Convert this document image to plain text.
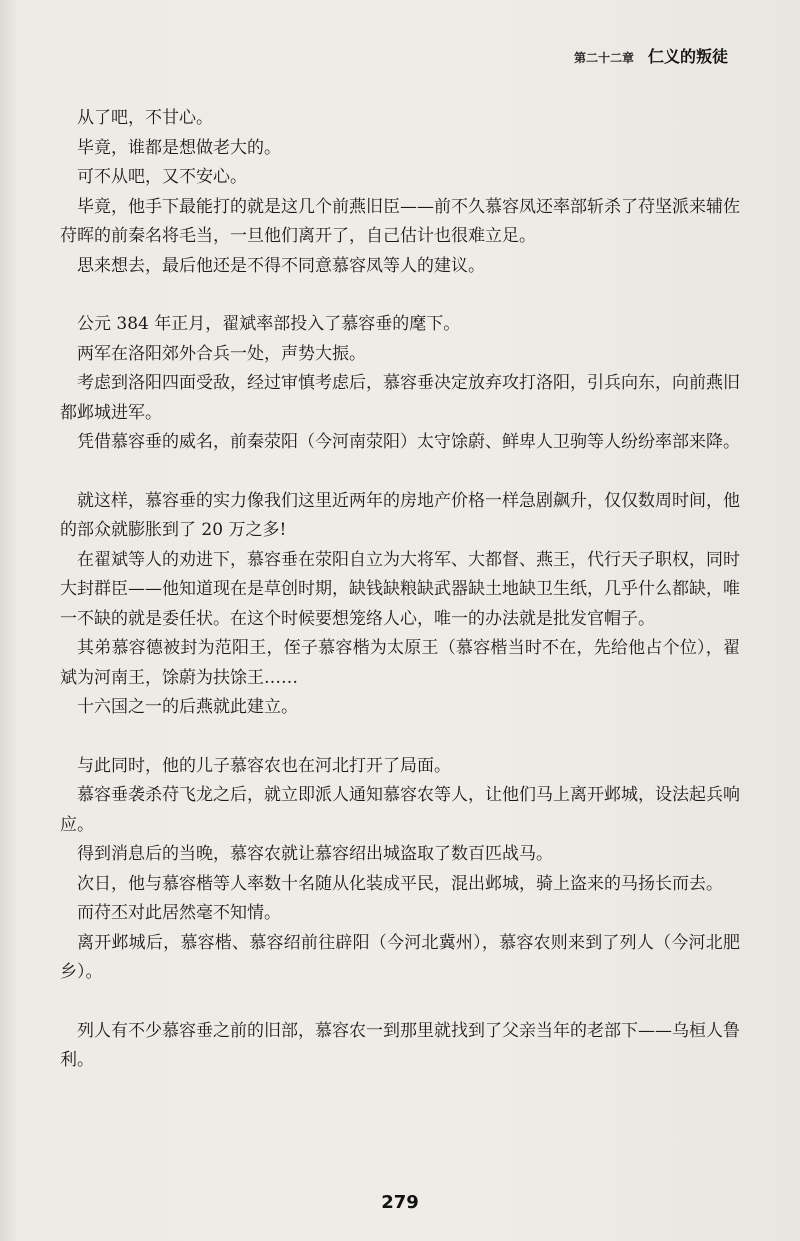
第二十二章 仁义的叛徒

从了吧，不甘心。

毕竟，谁都是想做老大的。

可不从吧，又不安心。

毕竟，他手下最能打的就是这几个前燕旧臣——前不久慕容凤还率部斩杀了苻坚派来辅佐苻晖的前秦名将毛当，一旦他们离开了，自己估计也很难立足。

思来想去，最后他还是不得不同意慕容凤等人的建议。

公元 384 年正月，翟斌率部投入了慕容垂的麾下。

两军在洛阳郊外合兵一处，声势大振。

考虑到洛阳四面受敌，经过审慎考虑后，慕容垂决定放弃攻打洛阳，引兵向东，向前燕旧都邺城进军。

凭借慕容垂的威名，前秦荥阳（今河南荥阳）太守馀蔚、鲜卑人卫驹等人纷纷率部来降。

就这样，慕容垂的实力像我们这里近两年的房地产价格一样急剧飙升，仅仅数周时间，他的部众就膨胀到了 20 万之多!

在翟斌等人的劝进下，慕容垂在荥阳自立为大将军、大都督、燕王，代行天子职权，同时大封群臣——他知道现在是草创时期，缺钱缺粮缺武器缺土地缺卫生纸，几乎什么都缺，唯一不缺的就是委任状。在这个时候要想笼络人心，唯一的办法就是批发官帽子。

其弟慕容德被封为范阳王，侄子慕容楷为太原王（慕容楷当时不在，先给他占个位），翟斌为河南王，馀蔚为扶馀王……

十六国之一的后燕就此建立。

与此同时，他的儿子慕容农也在河北打开了局面。

慕容垂袭杀苻飞龙之后，就立即派人通知慕容农等人，让他们马上离开邺城，设法起兵响应。

得到消息后的当晚，慕容农就让慕容绍出城盗取了数百匹战马。

次日，他与慕容楷等人率数十名随从化装成平民，混出邺城，骑上盗来的马扬长而去。

而苻丕对此居然毫不知情。

离开邺城后，慕容楷、慕容绍前往辟阳（今河北冀州），慕容农则来到了列人（今河北肥乡）。

列人有不少慕容垂之前的旧部，慕容农一到那里就找到了父亲当年的老部下——乌桓人鲁利。

279
